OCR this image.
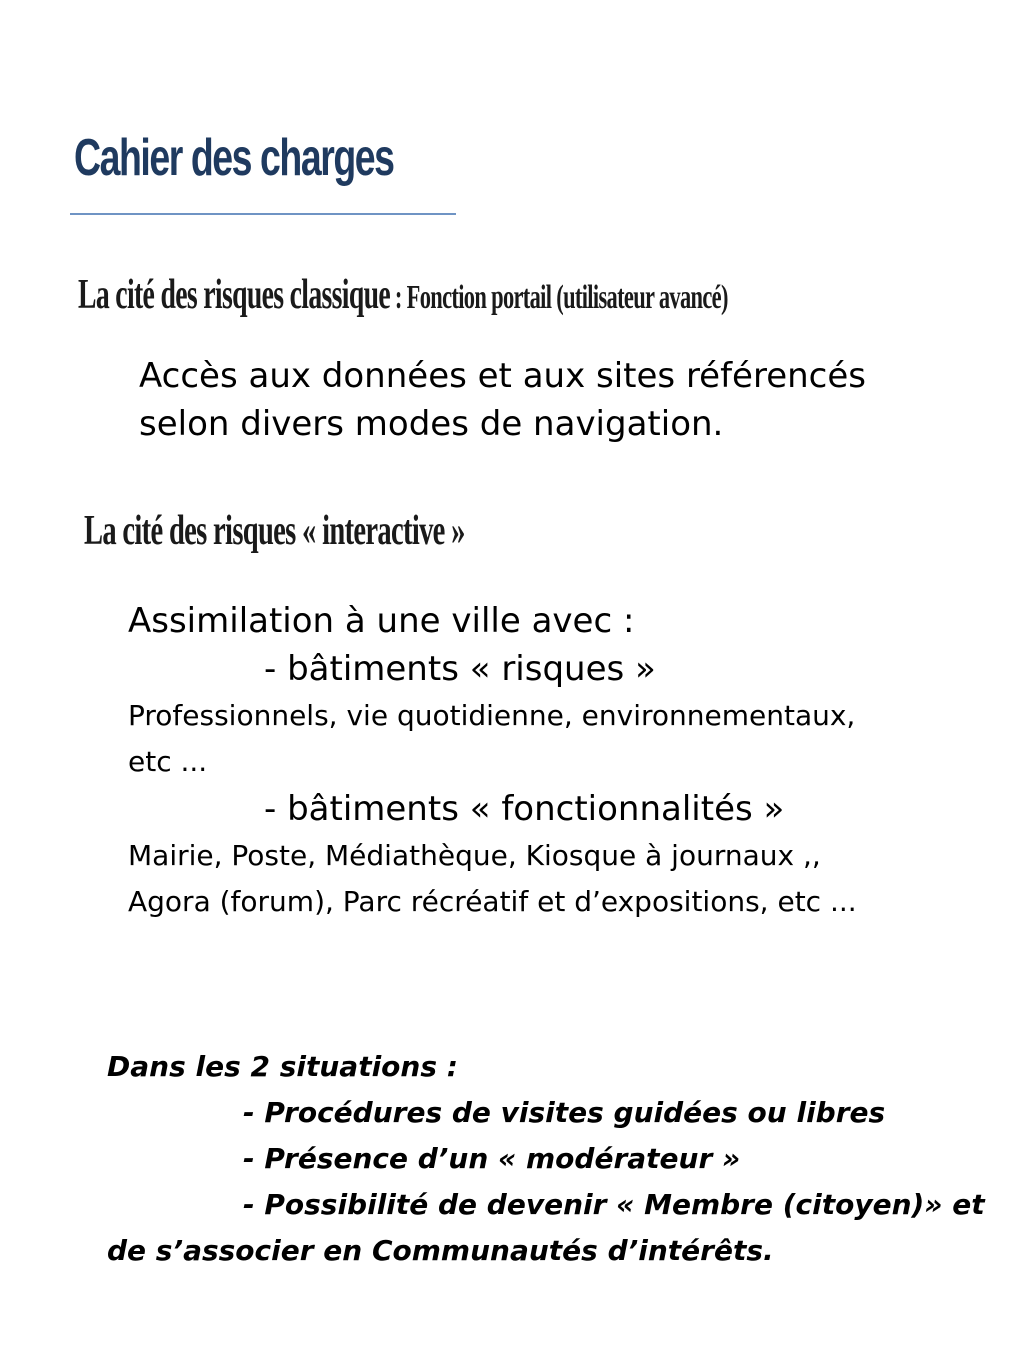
Cahier des charges
La cité des risques classique : Fonction portail (utilisateur avancé)
Accès aux données et aux sites référencés
selon divers modes de navigation.
La cité des risques « interactive »
Assimilation à une ville avec :
- bâtiments « risques »
Professionnels, vie quotidienne, environnementaux,
etc ...
- bâtiments « fonctionnalités »
Mairie, Poste, Médiathèque, Kiosque à journaux ,,
Agora (forum), Parc récréatif et d’expositions, etc ...
Dans les 2 situations :
- Procédures de visites guidées ou libres
- Présence d’un « modérateur »
- Possibilité de devenir « Membre (citoyen)» et
de s’associer en Communautés d’intérêts.
